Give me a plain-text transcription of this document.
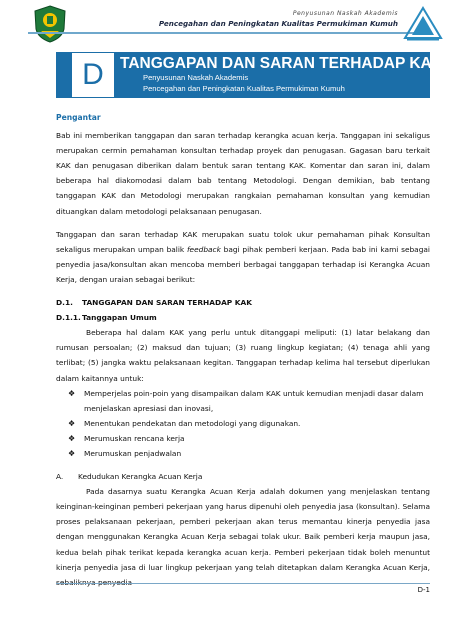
Penyusunan Naskah Akademis
Pencegahan dan Peningkatan Kualitas Permukiman Kumuh
D TANGGAPAN DAN SARAN TERHADAP KAK
Penyusunan Naskah Akademis
Pencegahan dan Peningkatan Kualitas Permukiman Kumuh
Pengantar

Bab ini memberikan tanggapan dan saran terhadap kerangka acuan kerja. Tanggapan ini sekaligus merupakan cermin pemahaman konsultan terhadap proyek dan penugasan. Gagasan baru terkait KAK dan penugasan diberikan dalam bentuk saran tentang KAK. Komentar dan saran ini, dalam beberapa hal diakomodasi dalam bab tentang Metodologi. Dengan demikian, bab tentang tanggapan KAK dan Metodologi merupakan rangkaian pemahaman konsultan yang kemudian dituangkan dalam metodologi pelaksanaan penugasan.

Tanggapan dan saran terhadap KAK merupakan suatu tolok ukur pemahaman pihak Konsultan sekaligus merupakan umpan balik feedback bagi pihak pemberi kerjaan. Pada bab ini kami sebagai penyedia jasa/konsultan akan mencoba memberi berbagai tanggapan terhadap isi Kerangka Acuan Kerja, dengan uraian sebagai berikut:

D.1. TANGGAPAN DAN SARAN TERHADAP KAK
D.1.1.Tanggapan Umum

Beberapa hal dalam KAK yang perlu untuk ditanggapi meliputi: (1) latar belakang dan rumusan persoalan; (2) maksud dan tujuan; (3) ruang lingkup kegiatan; (4) tenaga ahli yang terlibat; (5) jangka waktu pelaksanaan kegitan. Tanggapan terhadap kelima hal tersebut diperlukan dalam kaitannya untuk:

❖ Memperjelas poin-poin yang disampaikan dalam KAK untuk kemudian menjadi dasar dalam menjelaskan apresiasi dan inovasi,
❖ Menentukan pendekatan dan metodologi yang digunakan.
❖ Merumuskan rencana kerja
❖ Merumuskan penjadwalan
A. Kedudukan Kerangka Acuan Kerja

Pada dasarnya suatu Kerangka Acuan Kerja adalah dokumen yang menjelaskan tentang keinginan-keinginan pemberi pekerjaan yang harus dipenuhi oleh penyedia jasa (konsultan). Selama proses pelaksanaan pekerjaan, pemberi pekerjaan akan terus memantau kinerja penyedia jasa dengan menggunakan Kerangka Acuan Kerja sebagai tolak ukur. Baik pemberi kerja maupun jasa, kedua belah pihak terikat kepada kerangka acuan kerja. Pemberi pekerjaan tidak boleh menuntut kinerja penyedia jasa di luar lingkup pekerjaan yang telah ditetapkan dalam Kerangka Acuan Kerja,

D-1
